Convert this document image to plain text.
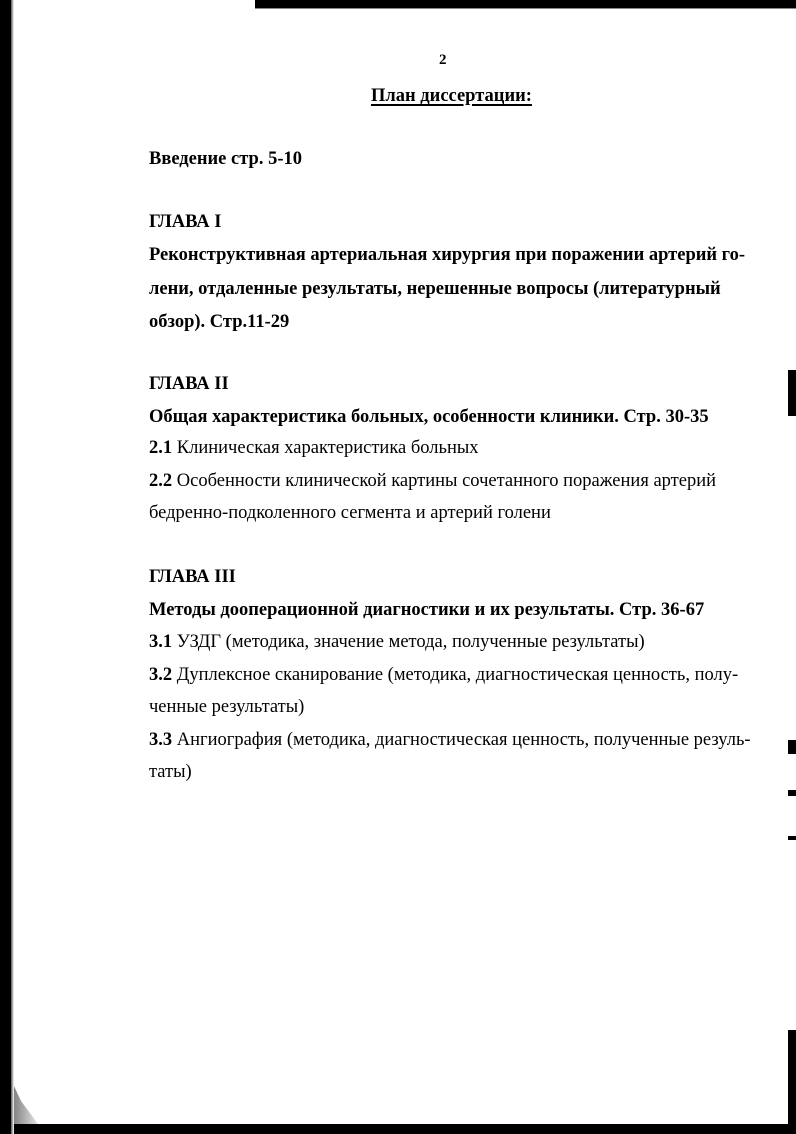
2
План диссертации:
Введение стр. 5-10
ГЛАВА I
Реконструктивная артериальная хирургия при поражении артерий го-
лени, отдаленные результаты, нерешенные вопросы (литературный
обзор). Стр.11-29
ГЛАВА II
Общая характеристика больных, особенности клиники. Стр. 30-35
2.1 Клиническая характеристика больных
2.2 Особенности клинической картины сочетанного поражения артерий
бедренно-подколенного сегмента и артерий голени
ГЛАВА III
Методы дооперационной диагностики и их результаты. Стр. 36-67
3.1 УЗДГ (методика, значение метода, полученные результаты)
3.2 Дуплексное сканирование (методика, диагностическая ценность, полу-
ченные результаты)
3.3 Ангиография (методика, диагностическая ценность, полученные резуль-
таты)
